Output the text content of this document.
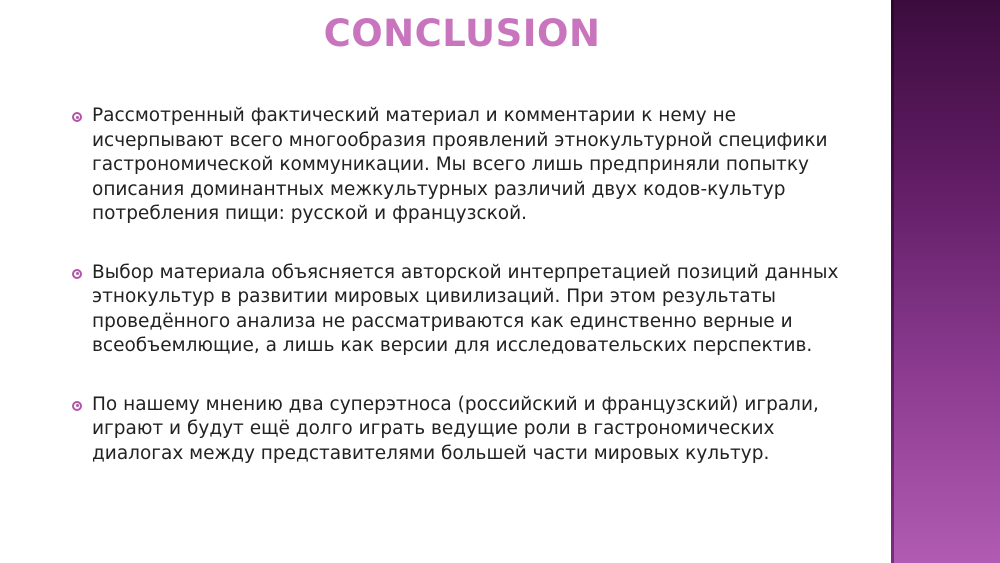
CONCLUSION
Рассмотренный фактический материал и комментарии к нему не исчерпывают всего многообразия проявлений этнокультурной специфики гастрономической коммуникации. Мы всего лишь предприняли попытку описания доминантных межкультурных различий двух кодов-культур потребления пищи: русской и французской.
Выбор материала объясняется авторской интерпретацией позиций данных этнокультур в развитии мировых цивилизаций. При этом результаты проведённого анализа не рассматриваются как единственно верные и всеобъемлющие, а лишь как версии для исследовательских перспектив.
По нашему мнению два суперэтноса (российский и французский) играли, играют и будут ещё долго играть ведущие роли в гастрономических диалогах между представителями большей части мировых культур.
